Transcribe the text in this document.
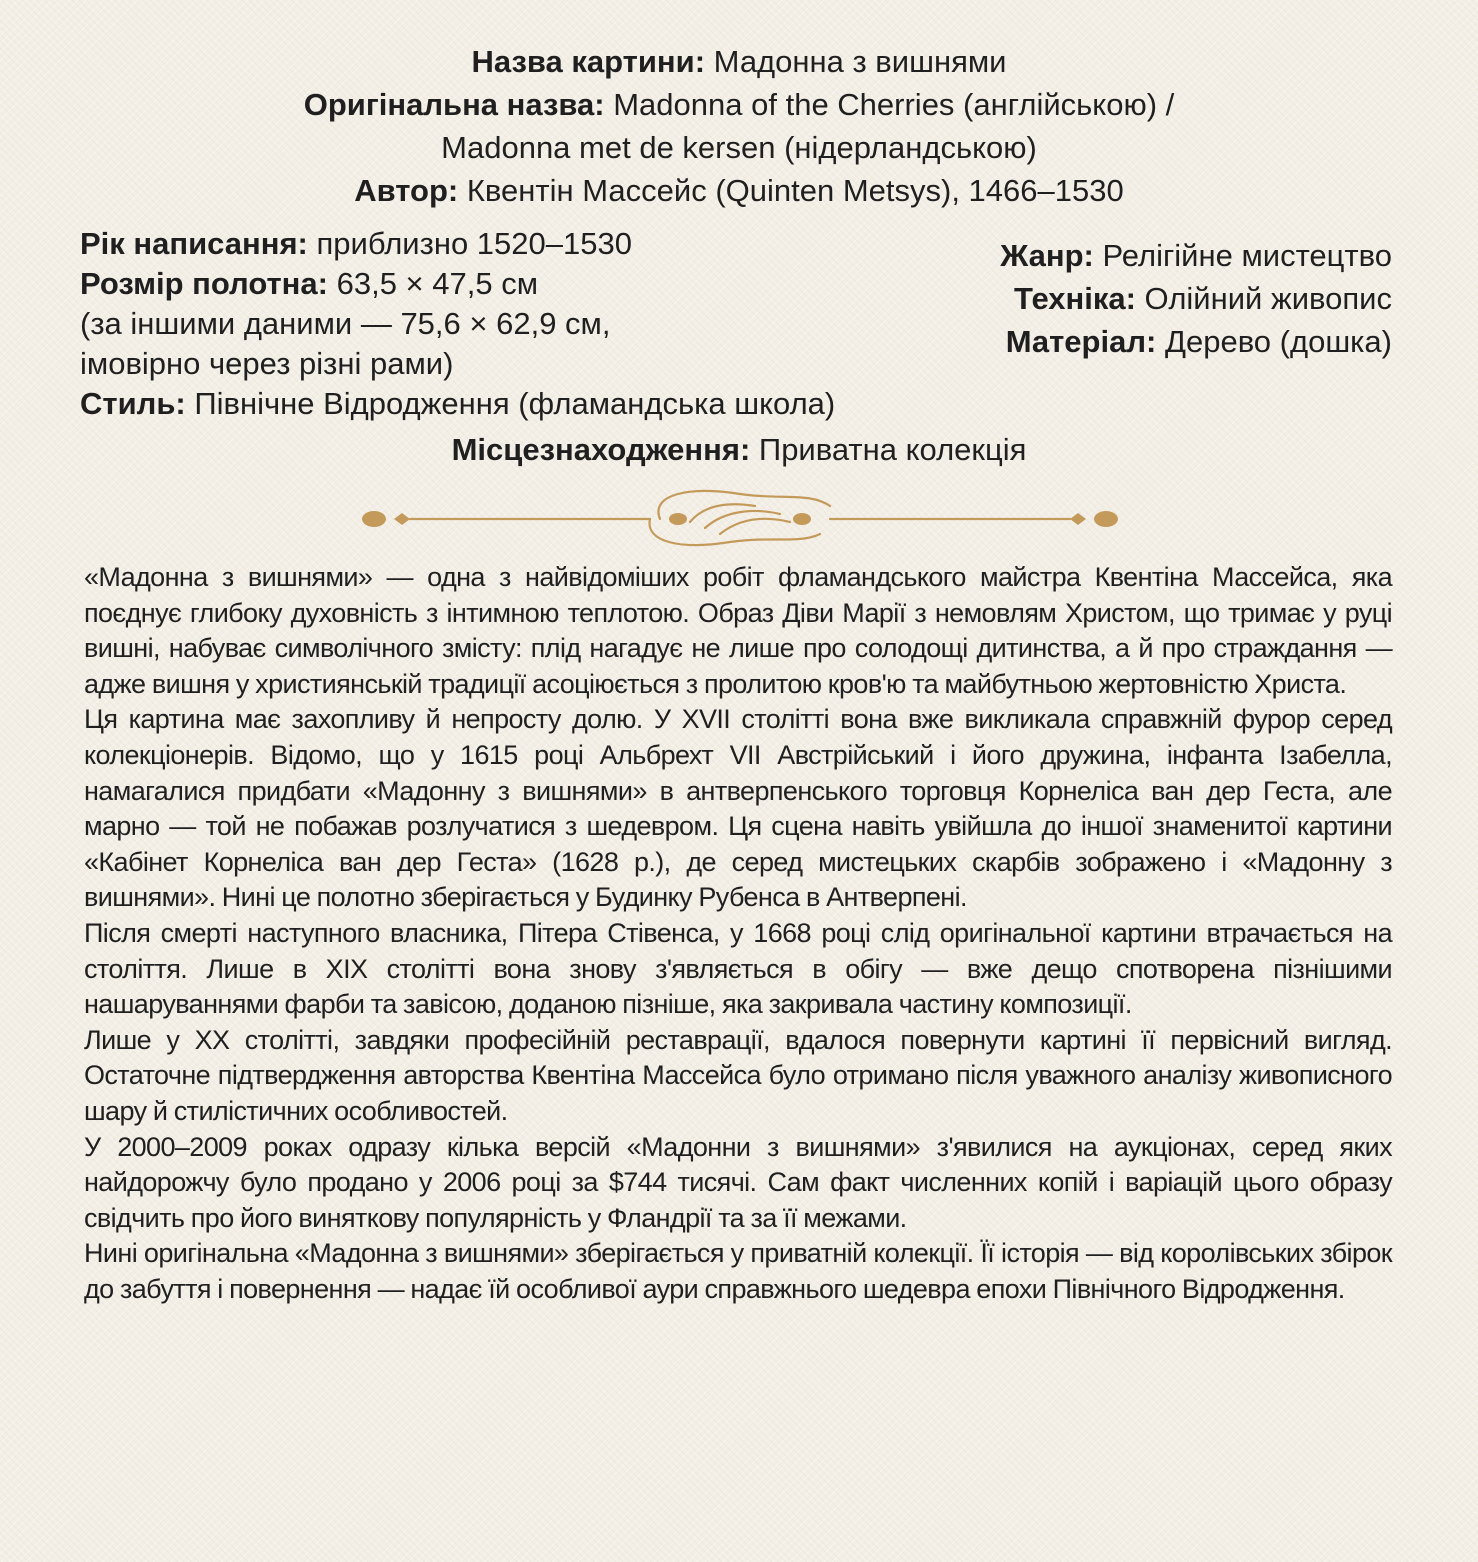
Назва картини: Мадонна з вишнями
Оригінальна назва: Madonna of the Cherries (англійською) /
Madonna met de kersen (нідерландською)
Автор: Квентін Массейс (Quinten Metsys), 1466–1530
Рік написання: приблизно 1520–1530
Розмір полотна: 63,5 × 47,5 см
(за іншими даними — 75,6 × 62,9 см,
імовірно через різні рами)
Стиль: Північне Відродження (фламандська школа)
Жанр: Релігійне мистецтво
Техніка: Олійний живопис
Матеріал: Дерево (дошка)
Місцезнаходження: Приватна колекція

«Мадонна з вишнями» — одна з найвідоміших робіт фламандського майстра Квентіна Массейса, яка поєднує глибоку духовність з інтимною теплотою. Образ Діви Марії з немовлям Христом, що тримає у руці вишні, набуває символічного змісту: плід нагадує не лише про солодощі дитинства, а й про страждання — адже вишня у християнській традиції асоціюється з пролитою кров'ю та майбутньою жертовністю Христа.

Ця картина має захопливу й непросту долю. У XVII столітті вона вже викликала справжній фурор серед колекціонерів. Відомо, що у 1615 році Альбрехт VII Австрійський і його дружина, інфанта Ізабелла, намагалися придбати «Мадонну з вишнями» в антверпенського торговця Корнеліса ван дер Геста, але марно — той не побажав розлучатися з шедевром. Ця сцена навіть увійшла до іншої знаменитої картини «Кабінет Корнеліса ван дер Геста» (1628 р.), де серед мистецьких скарбів зображено і «Мадонну з вишнями». Нині це полотно зберігається у Будинку Рубенса в Антверпені.

Після смерті наступного власника, Пітера Стівенса, у 1668 році слід оригінальної картини втрачається на століття. Лише в XIX столітті вона знову з'являється в обігу — вже дещо спотворена пізнішими нашаруваннями фарби та завісою, доданою пізніше, яка закривала частину композиції.

Лише у XX столітті, завдяки професійній реставрації, вдалося повернути картині її первісний вигляд. Остаточне підтвердження авторства Квентіна Массейса було отримано після уважного аналізу живописного шару й стилістичних особливостей.

У 2000–2009 роках одразу кілька версій «Мадонни з вишнями» з'явилися на аукціонах, серед яких найдорожчу було продано у 2006 році за $744 тисячі. Сам факт численних копій і варіацій цього образу свідчить про його виняткову популярність у Фландрії та за її межами.

Нині оригінальна «Мадонна з вишнями» зберігається у приватній колекції. Її історія — від королівських збірок до забуття і повернення — надає їй особливої аури справжнього шедевра епохи Північного Відродження.
